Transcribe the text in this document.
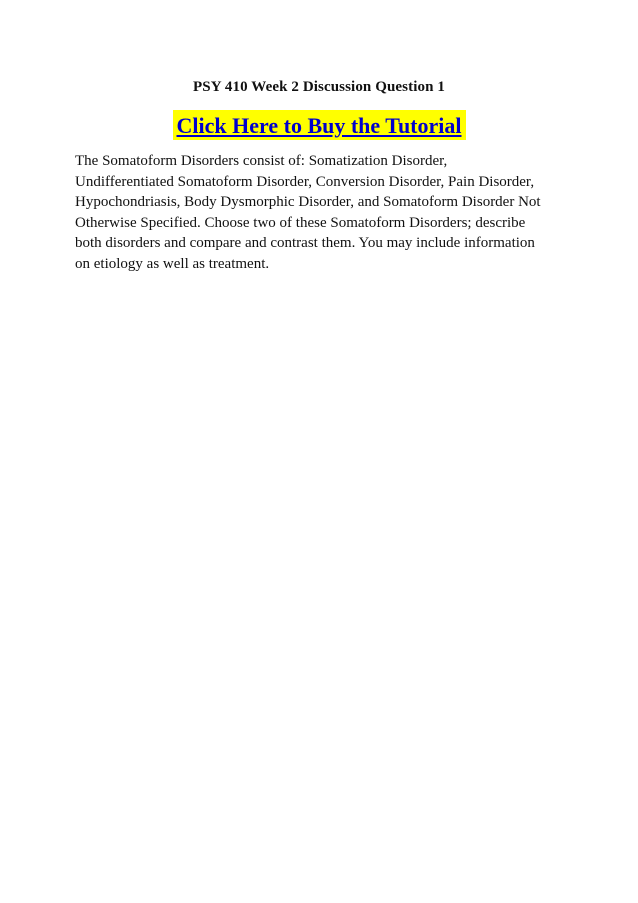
PSY 410 Week 2 Discussion Question 1
Click Here to Buy the Tutorial

The Somatoform Disorders consist of: Somatization Disorder, Undifferentiated Somatoform Disorder, Conversion Disorder, Pain Disorder, Hypochondriasis, Body Dysmorphic Disorder, and Somatoform Disorder Not Otherwise Specified. Choose two of these Somatoform Disorders; describe both disorders and compare and contrast them. You may include information on etiology as well as treatment.
